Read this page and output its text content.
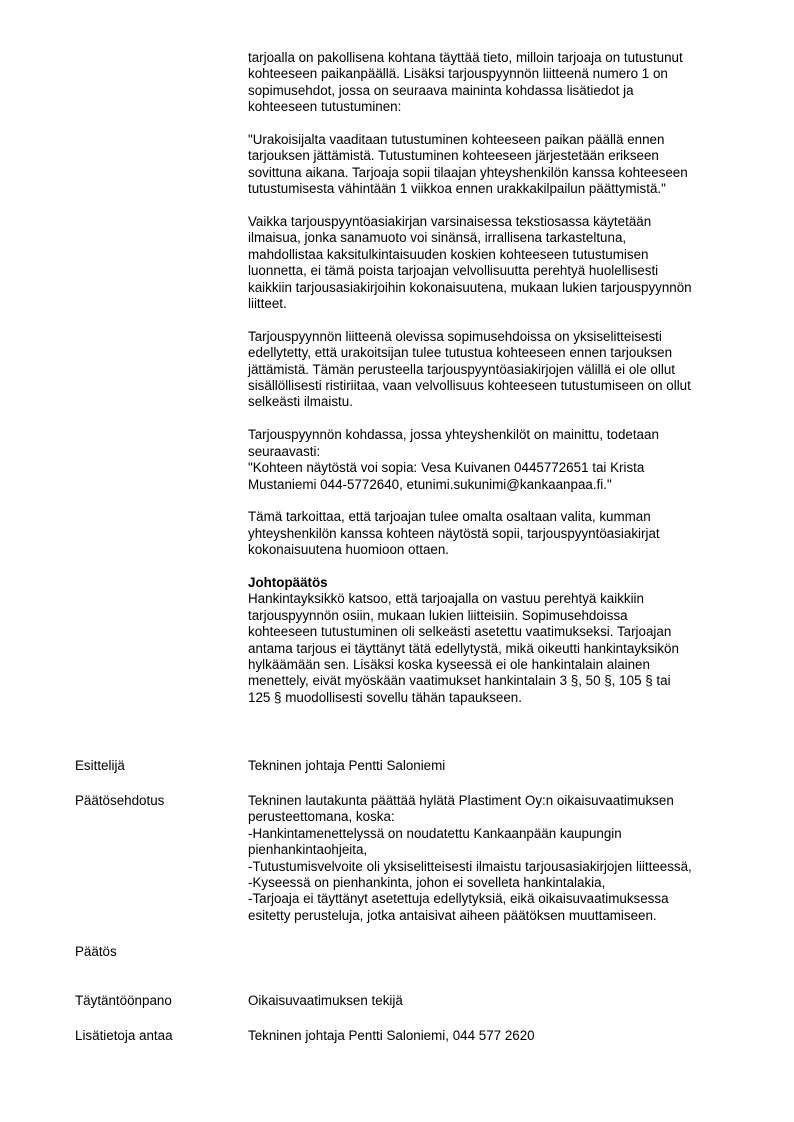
tarjoalla on pakollisena kohtana täyttää tieto, milloin tarjoaja on tutustunut
kohteeseen paikanpäällä. Lisäksi tarjouspyynnön liitteenä numero 1 on
sopimusehdot, jossa on seuraava maininta kohdassa lisätiedot ja
kohteeseen tutustuminen:

"Urakoisijalta vaaditaan tutustuminen kohteeseen paikan päällä ennen
tarjouksen jättämistä. Tutustuminen kohteeseen järjestetään erikseen
sovittuna aikana. Tarjoaja sopii tilaajan yhteyshenkilön kanssa kohteeseen
tutustumisesta vähintään 1 viikkoa ennen urakkakilpailun päättymistä."

Vaikka tarjouspyyntöasiakirjan varsinaisessa tekstiosassa käytetään
ilmaisua, jonka sanamuoto voi sinänsä, irrallisena tarkasteltuna,
mahdollistaa kaksitulkintaisuuden koskien kohteeseen tutustumisen
luonnetta, ei tämä poista tarjoajan velvollisuutta perehtyä huolellisesti
kaikkiin tarjousasiakirjoihin kokonaisuutena, mukaan lukien tarjouspyynnön
liitteet.

Tarjouspyynnön liitteenä olevissa sopimusehdoissa on yksiselitteisesti
edellytetty, että urakoitsijan tulee tutustua kohteeseen ennen tarjouksen
jättämistä. Tämän perusteella tarjouspyyntöasiakirjojen välillä ei ole ollut
sisällöllisesti ristiriitaa, vaan velvollisuus kohteeseen tutustumiseen on ollut
selkeästi ilmaistu.

Tarjouspyynnön kohdassa, jossa yhteyshenkilöt on mainittu, todetaan
seuraavasti:
"Kohteen näytöstä voi sopia: Vesa Kuivanen 0445772651 tai Krista
Mustaniemi 044-5772640, etunimi.sukunimi@kankaanpaa.fi."

Tämä tarkoittaa, että tarjoajan tulee omalta osaltaan valita, kumman
yhteyshenkilön kanssa kohteen näytöstä sopii, tarjouspyyntöasiakirjat
kokonaisuutena huomioon ottaen.

Johtopäätös

Hankintayksikkö katsoo, että tarjoajalla on vastuu perehtyä kaikkiin
tarjouspyynnön osiin, mukaan lukien liitteisiin. Sopimusehdoissa
kohteeseen tutustuminen oli selkeästi asetettu vaatimukseksi. Tarjoajan
antama tarjous ei täyttänyt tätä edellytystä, mikä oikeutti hankintayksikön
hylkäämään sen. Lisäksi koska kyseessä ei ole hankintalain alainen
menettely, eivät myöskään vaatimukset hankintalain 3 §, 50 §, 105 § tai
125 § muodollisesti sovellu tähän tapaukseen.

Esittelijä	Tekninen johtaja Pentti Saloniemi
Päätösehdotus	Tekninen lautakunta päättää hylätä Plastiment Oy:n oikaisuvaatimuksen
perusteettomana, koska:
-Hankintamenettelyssä on noudatettu Kankaanpään kaupungin
pienhankintaohjeita,
-Tutustumisvelvoite oli yksiselitteisesti ilmaistu tarjousasiakirjojen liitteessä,
-Kyseessä on pienhankinta, johon ei sovelleta hankintalakia,
-Tarjoaja ei täyttänyt asetettuja edellytyksiä, eikä oikaisuvaatimuksessa
esitetty perusteluja, jotka antaisivat aiheen päätöksen muuttamiseen.
Päätös
Täytäntöönpano	Oikaisuvaatimuksen tekijä
Lisätietoja antaa	Tekninen johtaja Pentti Saloniemi, 044 577 2620
